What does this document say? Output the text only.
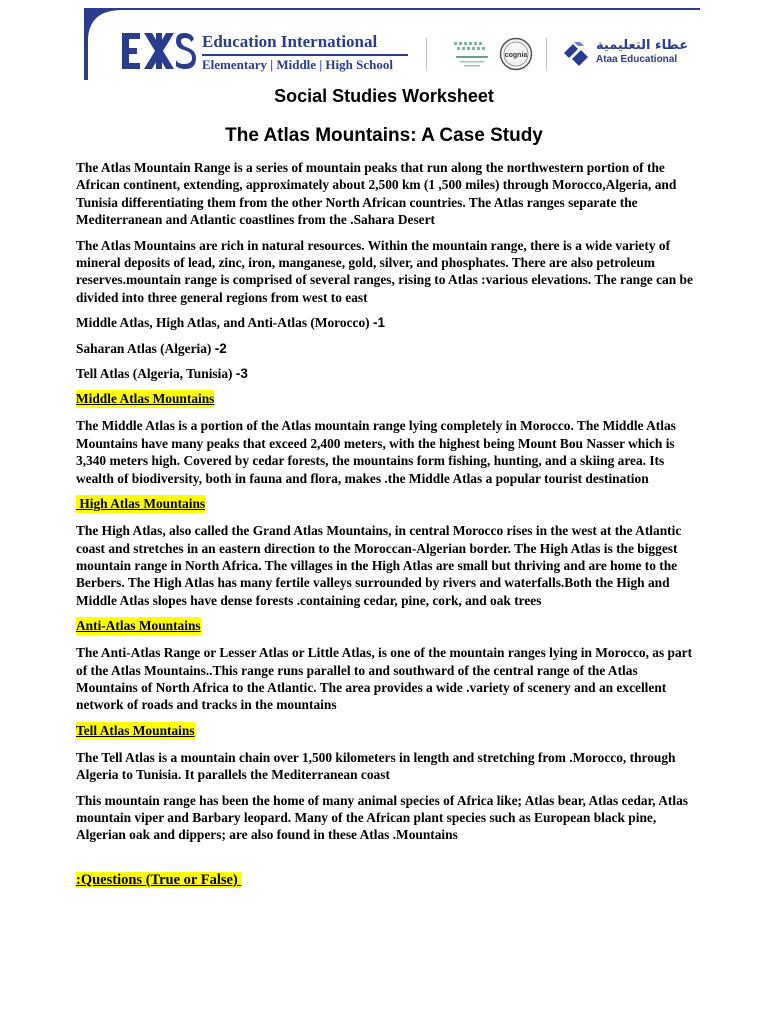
Education International
Elementary | Middle | High School
cognia
عطاء التعليمية
Ataa Educational
Social Studies Worksheet
The Atlas Mountains: A Case Study

The Atlas Mountain Range is a series of mountain peaks that run along the northwestern portion of the African continent, extending, approximately about 2,500 km (1 ,500 miles) through Morocco,Algeria, and Tunisia differentiating them from the other North African countries. The Atlas ranges separate the Mediterranean and Atlantic coastlines from the .Sahara Desert

The Atlas Mountains are rich in natural resources. Within the mountain range, there is a wide variety of mineral deposits of lead, zinc, iron, manganese, gold, silver, and phosphates. There are also petroleum reserves.mountain range is comprised of several ranges, rising to Atlas :various elevations. The range can be divided into three general regions from west to east

Middle Atlas, High Atlas, and Anti-Atlas (Morocco) -1
Saharan Atlas (Algeria) -2
Tell Atlas (Algeria, Tunisia) -3
Middle Atlas Mountains

The Middle Atlas is a portion of the Atlas mountain range lying completely in Morocco. The Middle Atlas Mountains have many peaks that exceed 2,400 meters, with the highest being Mount Bou Nasser which is 3,340 meters high. Covered by cedar forests, the mountains form fishing, hunting, and a skiing area. Its wealth of biodiversity, both in fauna and flora, makes .the Middle Atlas a popular tourist destination

High Atlas Mountains

The High Atlas, also called the Grand Atlas Mountains, in central Morocco rises in the west at the Atlantic coast and stretches in an eastern direction to the Moroccan-Algerian border. The High Atlas is the biggest mountain range in North Africa. The villages in the High Atlas are small but thriving and are home to the Berbers. The High Atlas has many fertile valleys surrounded by rivers and waterfalls.Both the High and Middle Atlas slopes have dense forests .containing cedar, pine, cork, and oak trees

Anti-Atlas Mountains

The Anti-Atlas Range or Lesser Atlas or Little Atlas, is one of the mountain ranges lying in Morocco, as part of the Atlas Mountains..This range runs parallel to and southward of the central range of the Atlas Mountains of North Africa to the Atlantic. The area provides a wide .variety of scenery and an excellent network of roads and tracks in the mountains

Tell Atlas Mountains

The Tell Atlas is a mountain chain over 1,500 kilometers in length and stretching from .Morocco, through Algeria to Tunisia. It parallels the Mediterranean coast

This mountain range has been the home of many animal species of Africa like; Atlas bear, Atlas cedar, Atlas mountain viper and Barbary leopard. Many of the African plant species such as European black pine, Algerian oak and dippers; are also found in these Atlas .Mountains

:Questions (True or False)
